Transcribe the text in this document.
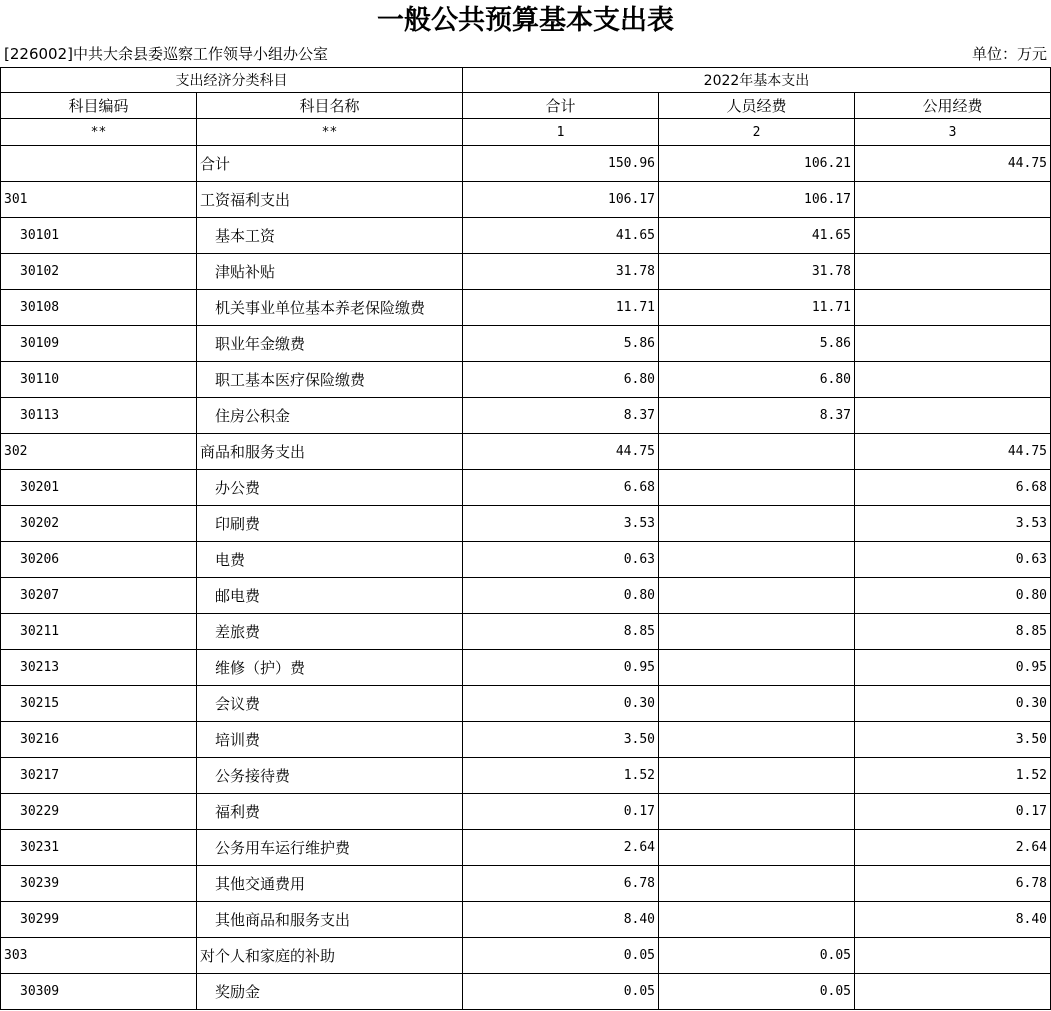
一般公共预算基本支出表
[226002]中共大余县委巡察工作领导小组办公室	单位：万元
支出经济分类科目		2022年基本支出		
科目编码	科目名称	合计	人员经费	公用经费
**	**	1	2	3
	合计	150.96	106.21	44.75
301	工资福利支出	106.17	106.17	
30101	基本工资	41.65	41.65	
30102	津贴补贴	31.78	31.78	
30108	机关事业单位基本养老保险缴费	11.71	11.71	
30109	职业年金缴费	5.86	5.86	
30110	职工基本医疗保险缴费	6.80	6.80	
30113	住房公积金	8.37	8.37	
302	商品和服务支出	44.75		44.75
30201	办公费	6.68		6.68
30202	印刷费	3.53		3.53
30206	电费	0.63		0.63
30207	邮电费	0.80		0.80
30211	差旅费	8.85		8.85
30213	维修（护）费	0.95		0.95
30215	会议费	0.30		0.30
30216	培训费	3.50		3.50
30217	公务接待费	1.52		1.52
30229	福利费	0.17		0.17
30231	公务用车运行维护费	2.64		2.64
30239	其他交通费用	6.78		6.78
30299	其他商品和服务支出	8.40		8.40
303	对个人和家庭的补助	0.05	0.05	
30309	奖励金	0.05	0.05	
